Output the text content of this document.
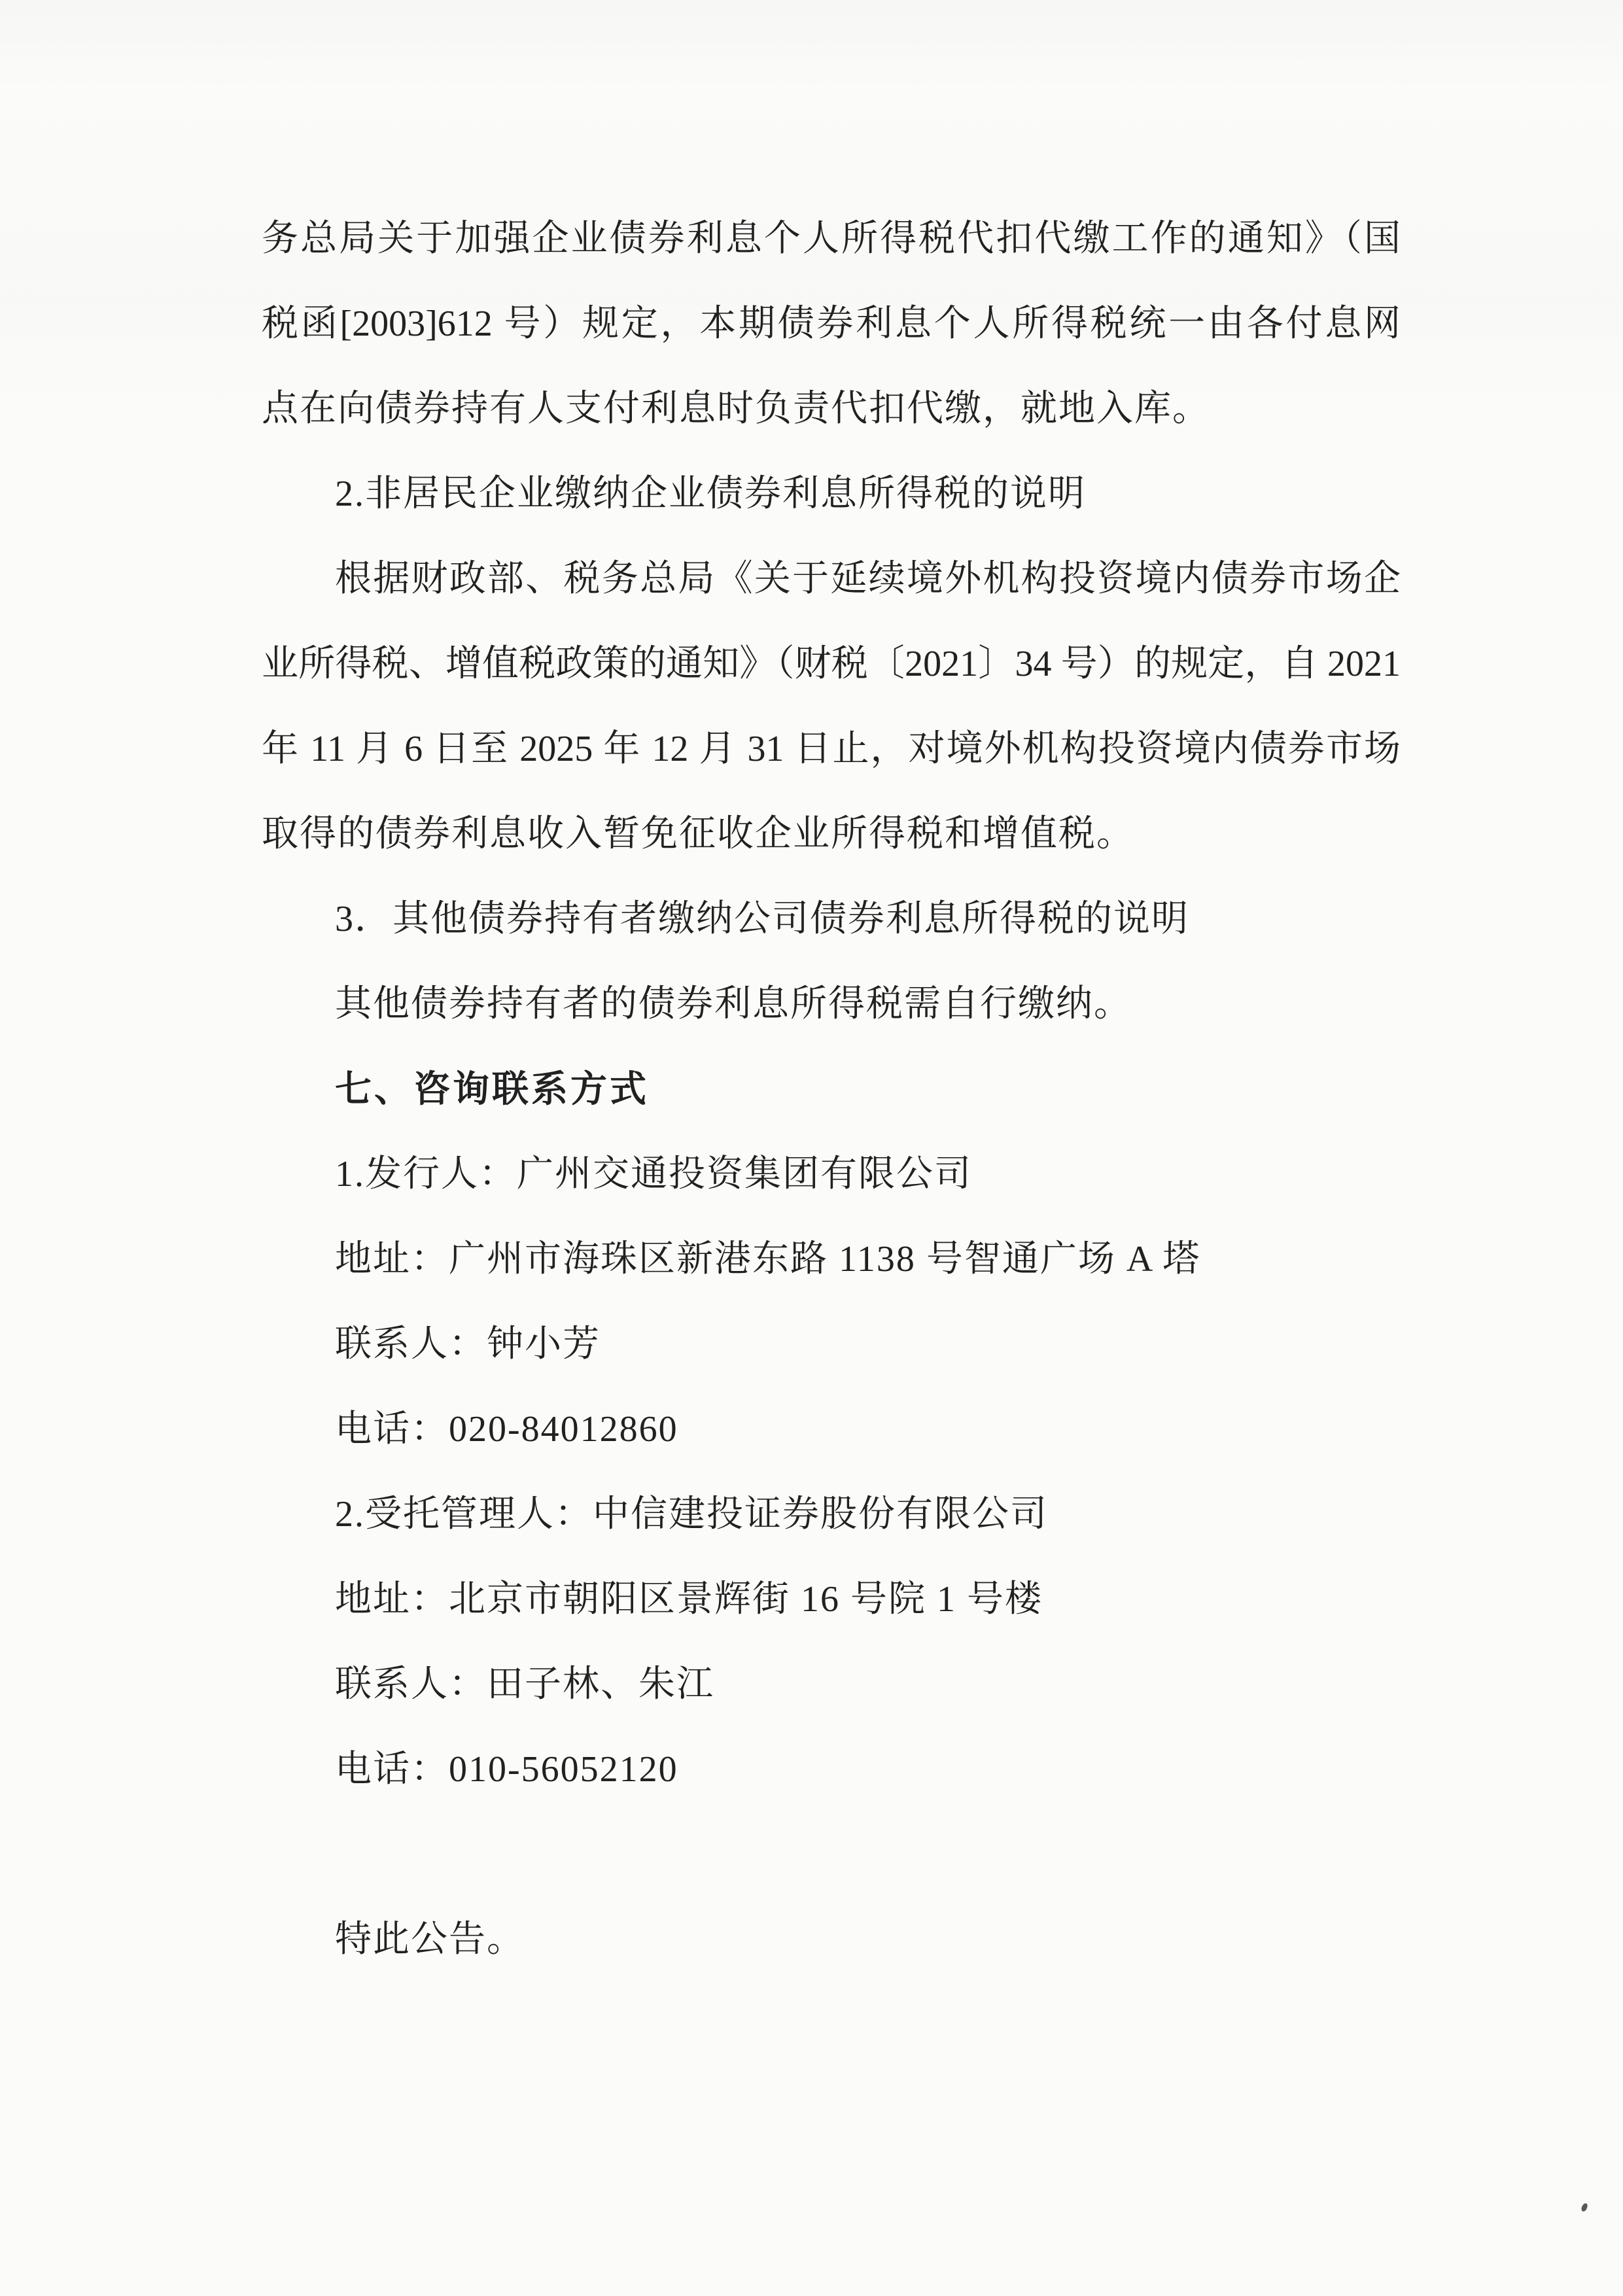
务总局关于加强企业债券利息个人所得税代扣代缴工作的通知》（国
税函[2003]612 号）规定，本期债券利息个人所得税统一由各付息网
点在向债券持有人支付利息时负责代扣代缴，就地入库。
2.非居民企业缴纳企业债券利息所得税的说明
根据财政部、税务总局《关于延续境外机构投资境内债券市场企
业所得税、增值税政策的通知》（财税〔2021〕34 号）的规定，自 2021
年 11 月 6 日至 2025 年 12 月 31 日止，对境外机构投资境内债券市场
取得的债券利息收入暂免征收企业所得税和增值税。
3．其他债券持有者缴纳公司债券利息所得税的说明
其他债券持有者的债券利息所得税需自行缴纳。
七、咨询联系方式
1.发行人：广州交通投资集团有限公司
地址：广州市海珠区新港东路 1138 号智通广场 A 塔
联系人：钟小芳
电话：020-84012860
2.受托管理人：中信建投证券股份有限公司
地址：北京市朝阳区景辉街 16 号院 1 号楼
联系人：田子林、朱江
电话：010-56052120
特此公告。
